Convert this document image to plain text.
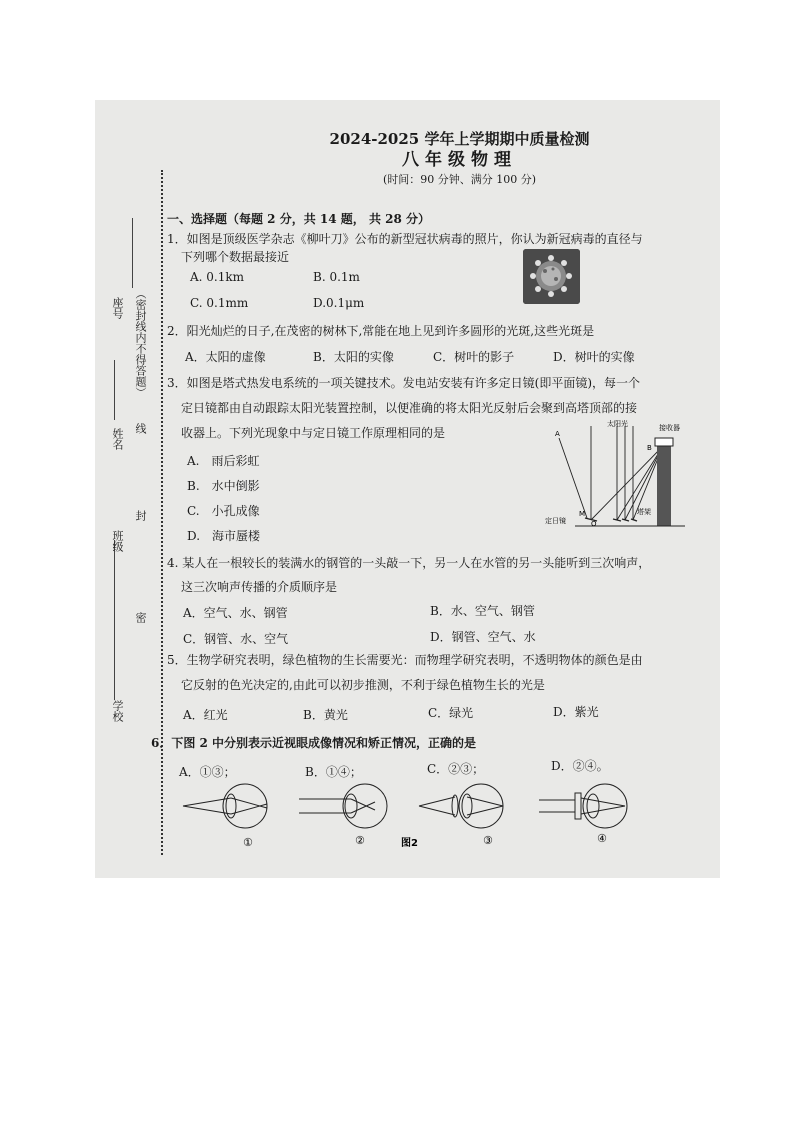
座号 （密封线内不得答题）
姓名 线
封
班级
密
学校
2024-2025 学年上学期期中质量检测
八年级物理
(时间：90 分钟、满分 100 分)
一、选择题（每题 2 分，共 14 题， 共 28 分）
1．如图是顶级医学杂志《柳叶刀》公布的新型冠状病毒的照片，你认为新冠病毒的直径与
下列哪个数据最接近
A. 0.1km	B. 0.1m
C. 0.1mm	D.0.1μm
2．阳光灿烂的日子,在茂密的树林下,常能在地上见到许多圆形的光斑,这些光斑是
A．太阳的虚像	B．太阳的实像	C．树叶的影子	D．树叶的实像
3．如图是塔式热发电系统的一项关键技术。发电站安装有许多定日镜(即平面镜)，每一个
定日镜都由自动跟踪太阳光装置控制，以便准确的将太阳光反射后会聚到高塔顶部的接
收器上。下列光现象中与定日镜工作原理相同的是
A.　雨后彩虹
B.　水中倒影
C.　小孔成像
D.　海市蜃楼
A
太阳光	接收器
B
M
O
定日镜
塔架
4. 某人在一根较长的装满水的钢管的一头敲一下，另一人在水管的另一头能听到三次响声，
这三次响声传播的介质顺序是
A．空气、水、钢管	B．水、空气、钢管
C．钢管、水、空气	D．钢管、空气、水
5．生物学研究表明，绿色植物的生长需要光：而物理学研究表明，不透明物体的颜色是由
它反射的色光决定的,由此可以初步推测，不利于绿色植物生长的光是
A．红光	B．黄光	C．绿光	D．紫光
6．下图 2 中分别表示近视眼成像情况和矫正情况，正确的是
A．①③；	B．①④；	C．②③；	D．②④。
①	②	图2	③	④
